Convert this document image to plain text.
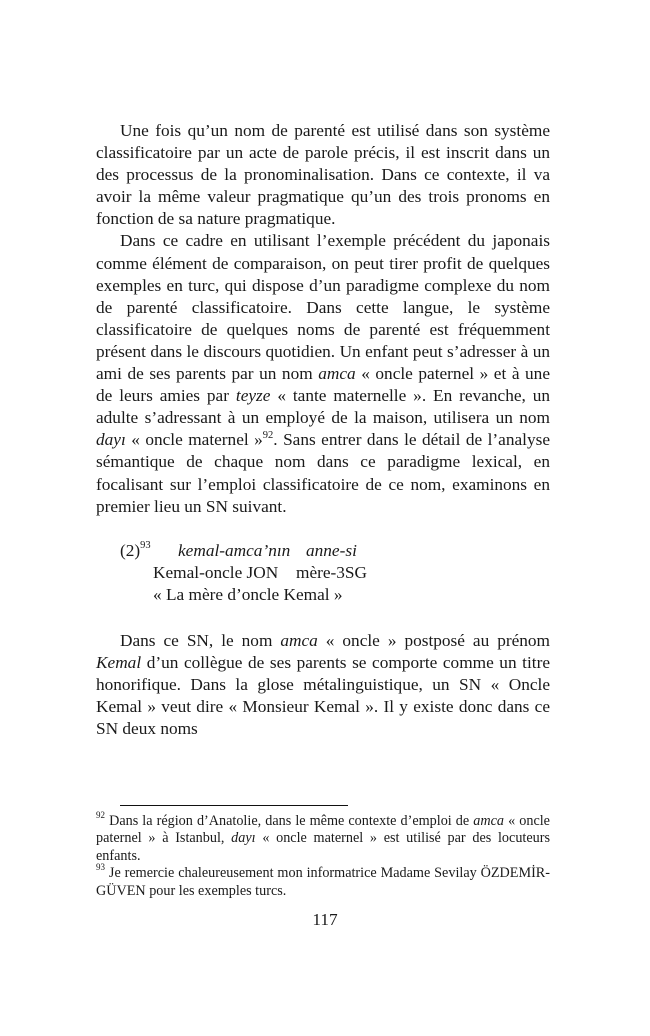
Une fois qu’un nom de parenté est utilisé dans son système classificatoire par un acte de parole précis, il est inscrit dans un des processus de la pronominalisation. Dans ce contexte, il va avoir la même valeur pragmatique qu’un des trois pronoms en fonction de sa nature pragmatique.

Dans ce cadre en utilisant l’exemple précédent du japonais comme élément de comparaison, on peut tirer profit de quelques exemples en turc, qui dispose d’un paradigme complexe du nom de parenté classificatoire. Dans cette langue, le système classificatoire de quelques noms de parenté est fréquemment présent dans le discours quotidien. Un enfant peut s’adresser à un ami de ses parents par un nom amca « oncle paternel » et à une de leurs amies par teyze « tante maternelle ». En revanche, un adulte s’adressant à un employé de la maison, utilisera un nom dayı « oncle maternel »$^{92}$. Sans entrer dans le détail de l’analyse sémantique de chaque nom dans ce paradigme lexical, en focalisant sur l’emploi classificatoire de ce nom, examinons en premier lieu un SN suivant.

$(2)^{93}$	kemal-amca’nın anne-si
Kemal-oncle JON	mère-3SG
« La mère d’oncle Kemal »

Dans ce SN, le nom amca « oncle » postposé au prénom Kemal d’un collègue de ses parents se comporte comme un titre honorifique. Dans la glose métalinguistique, un SN « Oncle Kemal » veut dire « Monsieur Kemal ». Il y existe donc dans ce SN deux noms

$^{92}$ Dans la région d’Anatolie, dans le même contexte d’emploi de amca « oncle paternel » à Istanbul, dayı « oncle maternel » est utilisé par des locuteurs enfants.

$^{93}$ Je remercie chaleureusement mon informatrice Madame Sevilay ÖZDEMİR-GÜVEN pour les exemples turcs.

117
